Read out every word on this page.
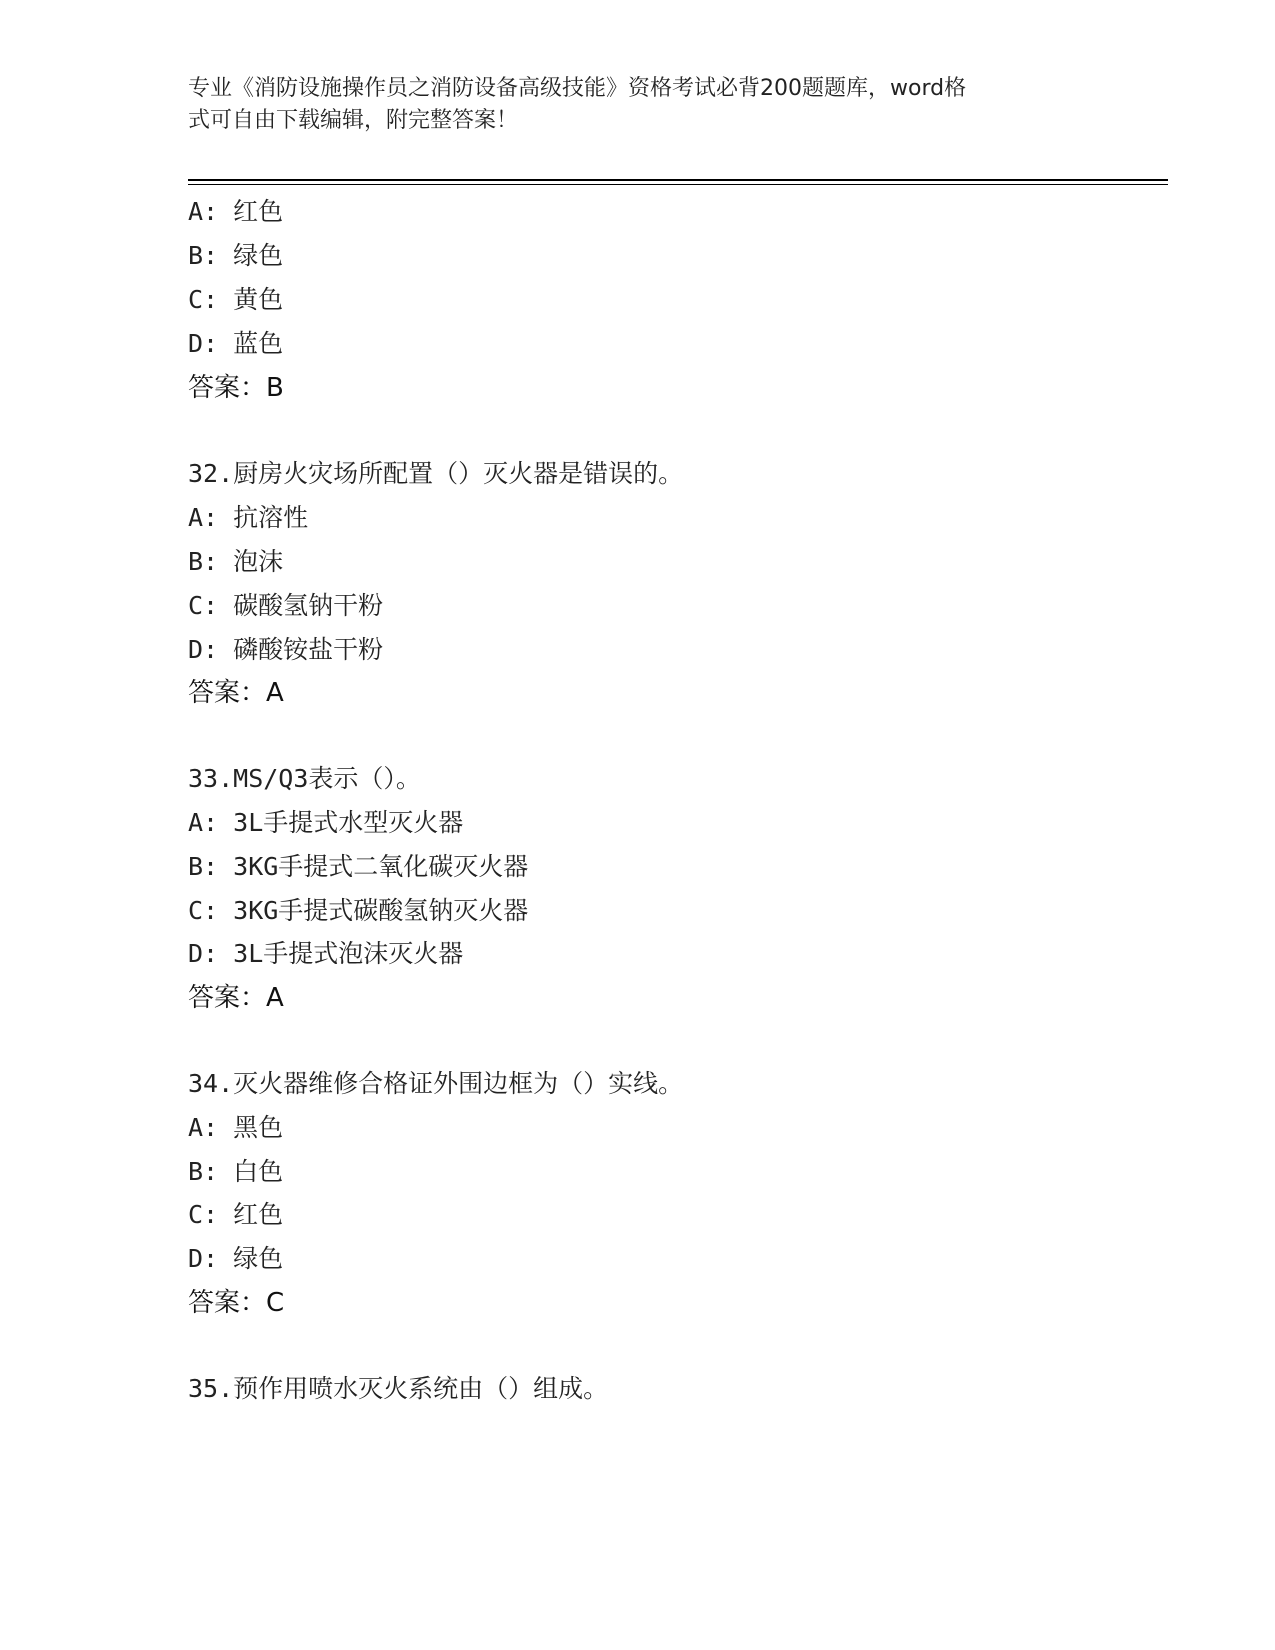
专业《消防设施操作员之消防设备高级技能》资格考试必背200题题库，word格
式可自由下载编辑，附完整答案！

A: 红色

B: 绿色

C: 黄色

D: 蓝色

答案：B

32.厨房火灾场所配置（）灭火器是错误的。

A: 抗溶性

B: 泡沫

C: 碳酸氢钠干粉

D: 磷酸铵盐干粉

答案：A

33.MS/Q3表示（）。

A: 3L手提式水型灭火器

B: 3KG手提式二氧化碳灭火器

C: 3KG手提式碳酸氢钠灭火器

D: 3L手提式泡沫灭火器

答案：A

34.灭火器维修合格证外围边框为（）实线。

A: 黑色

B: 白色

C: 红色

D: 绿色

答案：C

35.预作用喷水灭火系统由（）组成。
